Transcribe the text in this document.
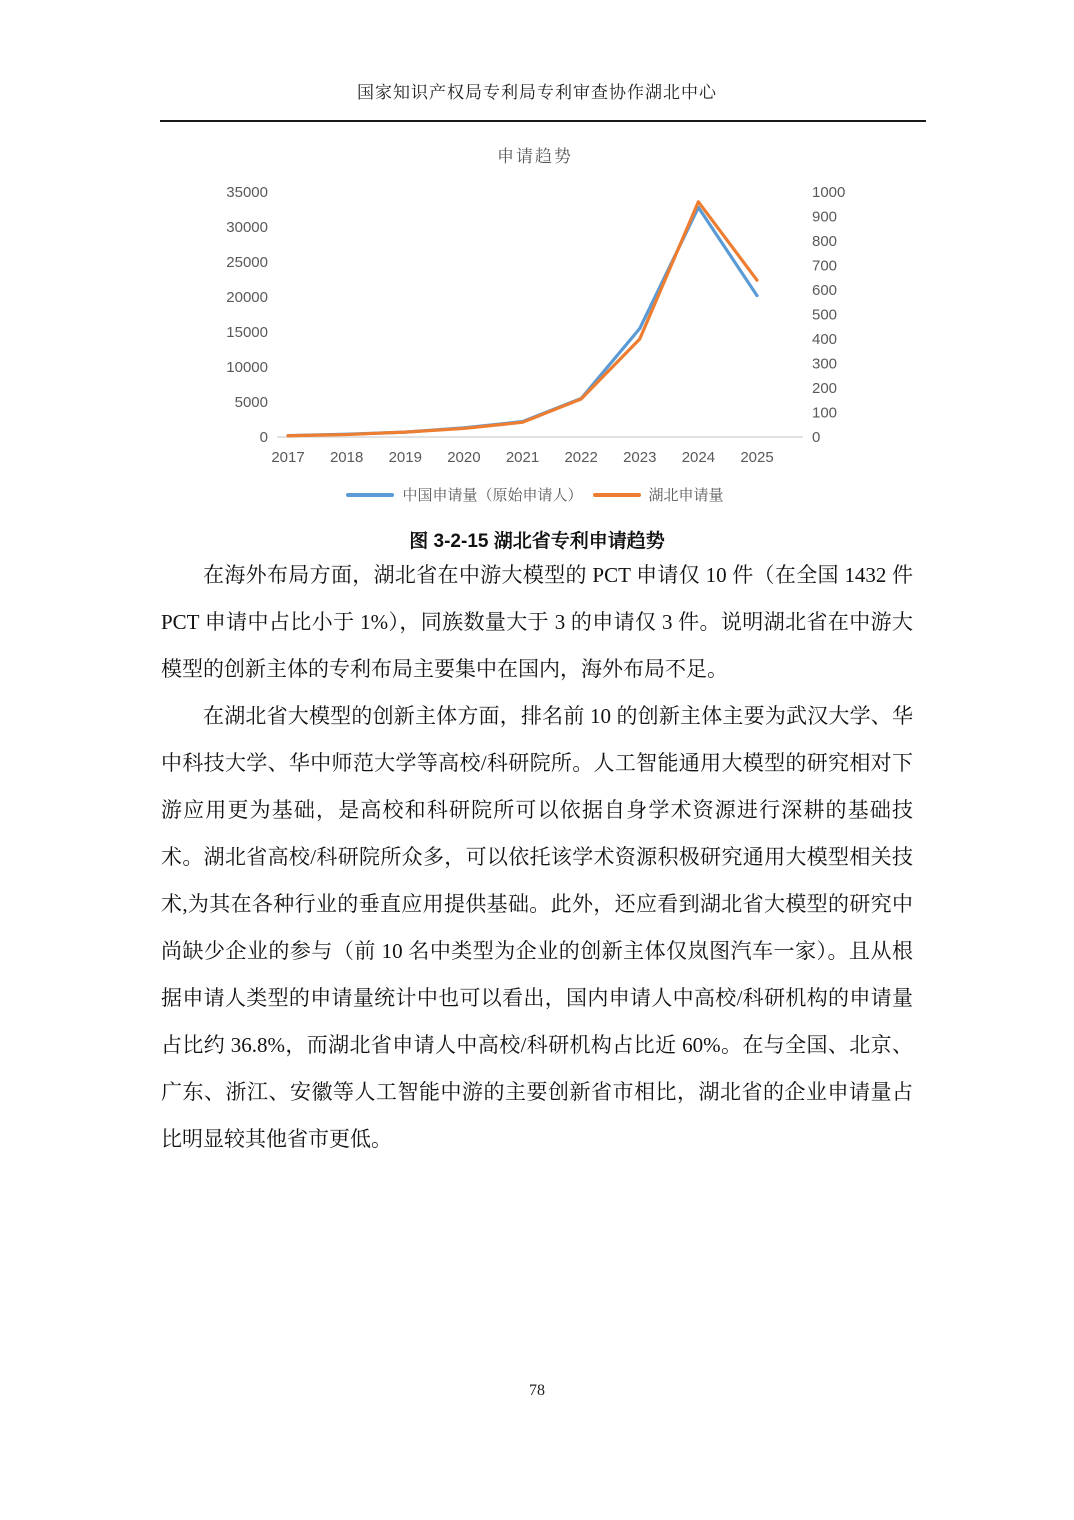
国家知识产权局专利局专利审查协作湖北中心
申请趋势
0
5000
10000
15000
20000
25000
30000
35000
0
100
200
300
400
500
600
700
800
900
1000
2017 2018 2019 2020 2021 2022 2023 2024 2025
中国申请量（原始申请人）	湖北申请量
图 3-2-15 湖北省专利申请趋势

在海外布局方面，湖北省在中游大模型的 PCT 申请仅 10 件（在全国 1432 件 PCT 申请中占比小于 1%），同族数量大于 3 的申请仅 3 件。说明湖北省在中游大模型的创新主体的专利布局主要集中在国内，海外布局不足。

在湖北省大模型的创新主体方面，排名前 10 的创新主体主要为武汉大学、华中科技大学、华中师范大学等高校/科研院所。人工智能通用大模型的研究相对下游应用更为基础，是高校和科研院所可以依据自身学术资源进行深耕的基础技术。湖北省高校/科研院所众多，可以依托该学术资源积极研究通用大模型相关技术,为其在各种行业的垂直应用提供基础。此外，还应看到湖北省大模型的研究中尚缺少企业的参与（前 10 名中类型为企业的创新主体仅岚图汽车一家）。且从根据申请人类型的申请量统计中也可以看出，国内申请人中高校/科研机构的申请量占比约 36.8%，而湖北省申请人中高校/科研机构占比近 60%。在与全国、北京、广东、浙江、安徽等人工智能中游的主要创新省市相比，湖北省的企业申请量占比明显较其他省市更低。

78
